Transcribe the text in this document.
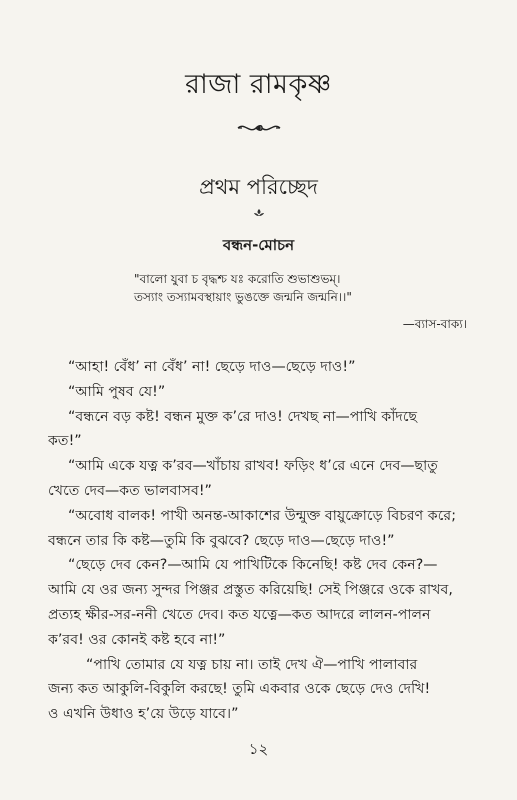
রাজা রামকৃষ্ণ
প্রথম পরিচ্ছেদ
বন্ধন-মোচন
"বালো যুবা চ বৃদ্ধশ্চ যঃ করোতি শুভাশুভম্।
তস্যাং তস্যামবস্থায়াং ভুঙক্তে জন্মনি জন্মনি।।"
—ব্যাস-বাক্য।
“আহা! বেঁধ’ না বেঁধ’ না! ছেড়ে দাও—ছেড়ে দাও!”
“আমি পুষব যে!”
“বন্ধনে বড় কষ্ট! বন্ধন মুক্ত ক’রে দাও! দেখছ না—পাখি কাঁদছে
কত!”
“আমি একে যত্ন ক’রব—খাঁচায় রাখব! ফড়িং ধ’রে এনে দেব—ছাতু
খেতে দেব—কত ভালবাসব!”
“অবোধ বালক! পাখী অনন্ত-আকাশের উন্মুক্ত বায়ুক্রোড়ে বিচরণ করে;
বন্ধনে তার কি কষ্ট—তুমি কি বুঝবে? ছেড়ে দাও—ছেড়ে দাও!”
“ছেড়ে দেব কেন?—আমি যে পাখিটিকে কিনেছি! কষ্ট দেব কেন?—
আমি যে ওর জন্য সুন্দর পিঞ্জর প্রস্তুত করিয়েছি! সেই পিঞ্জরে ওকে রাখব,
প্রত্যহ ক্ষীর-সর-ননী খেতে দেব। কত যত্নে—কত আদরে লালন-পালন
ক’রব! ওর কোনই কষ্ট হবে না!”
“পাখি তোমার যে যত্ন চায় না। তাই দেখ ঐ—পাখি পালাবার
জন্য কত আকুলি-বিকুলি করছে! তুমি একবার ওকে ছেড়ে দেও দেখি!
ও এখনি উধাও হ’য়ে উড়ে যাবে।”
১২
